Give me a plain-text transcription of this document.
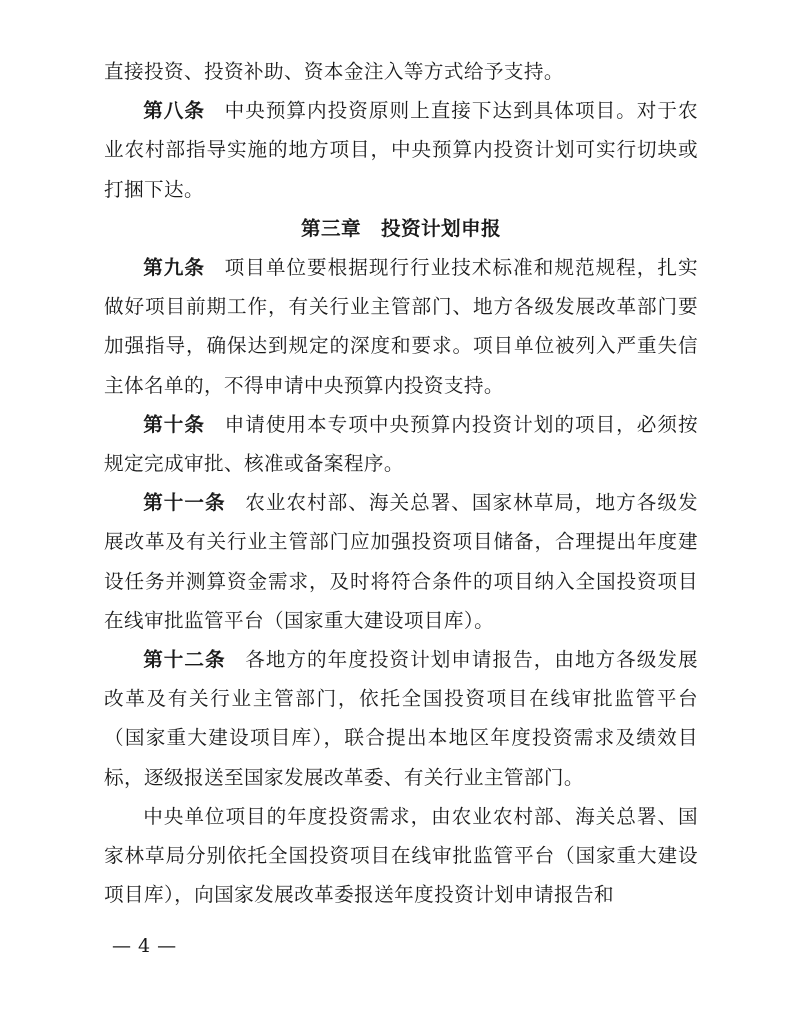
直接投资、投资补助、资本金注入等方式给予支持。

第八条 中央预算内投资原则上直接下达到具体项目。对于农业农村部指导实施的地方项目，中央预算内投资计划可实行切块或打捆下达。

第三章　投资计划申报

第九条 项目单位要根据现行行业技术标准和规范规程，扎实做好项目前期工作，有关行业主管部门、地方各级发展改革部门要加强指导，确保达到规定的深度和要求。项目单位被列入严重失信主体名单的，不得申请中央预算内投资支持。

第十条 申请使用本专项中央预算内投资计划的项目，必须按规定完成审批、核准或备案程序。

第十一条 农业农村部、海关总署、国家林草局，地方各级发展改革及有关行业主管部门应加强投资项目储备，合理提出年度建设任务并测算资金需求，及时将符合条件的项目纳入全国投资项目在线审批监管平台（国家重大建设项目库）。

第十二条 各地方的年度投资计划申请报告，由地方各级发展改革及有关行业主管部门，依托全国投资项目在线审批监管平台（国家重大建设项目库），联合提出本地区年度投资需求及绩效目标，逐级报送至国家发展改革委、有关行业主管部门。

中央单位项目的年度投资需求，由农业农村部、海关总署、国家林草局分别依托全国投资项目在线审批监管平台（国家重大建设项目库），向国家发展改革委报送年度投资计划申请报告和

— 4 —
